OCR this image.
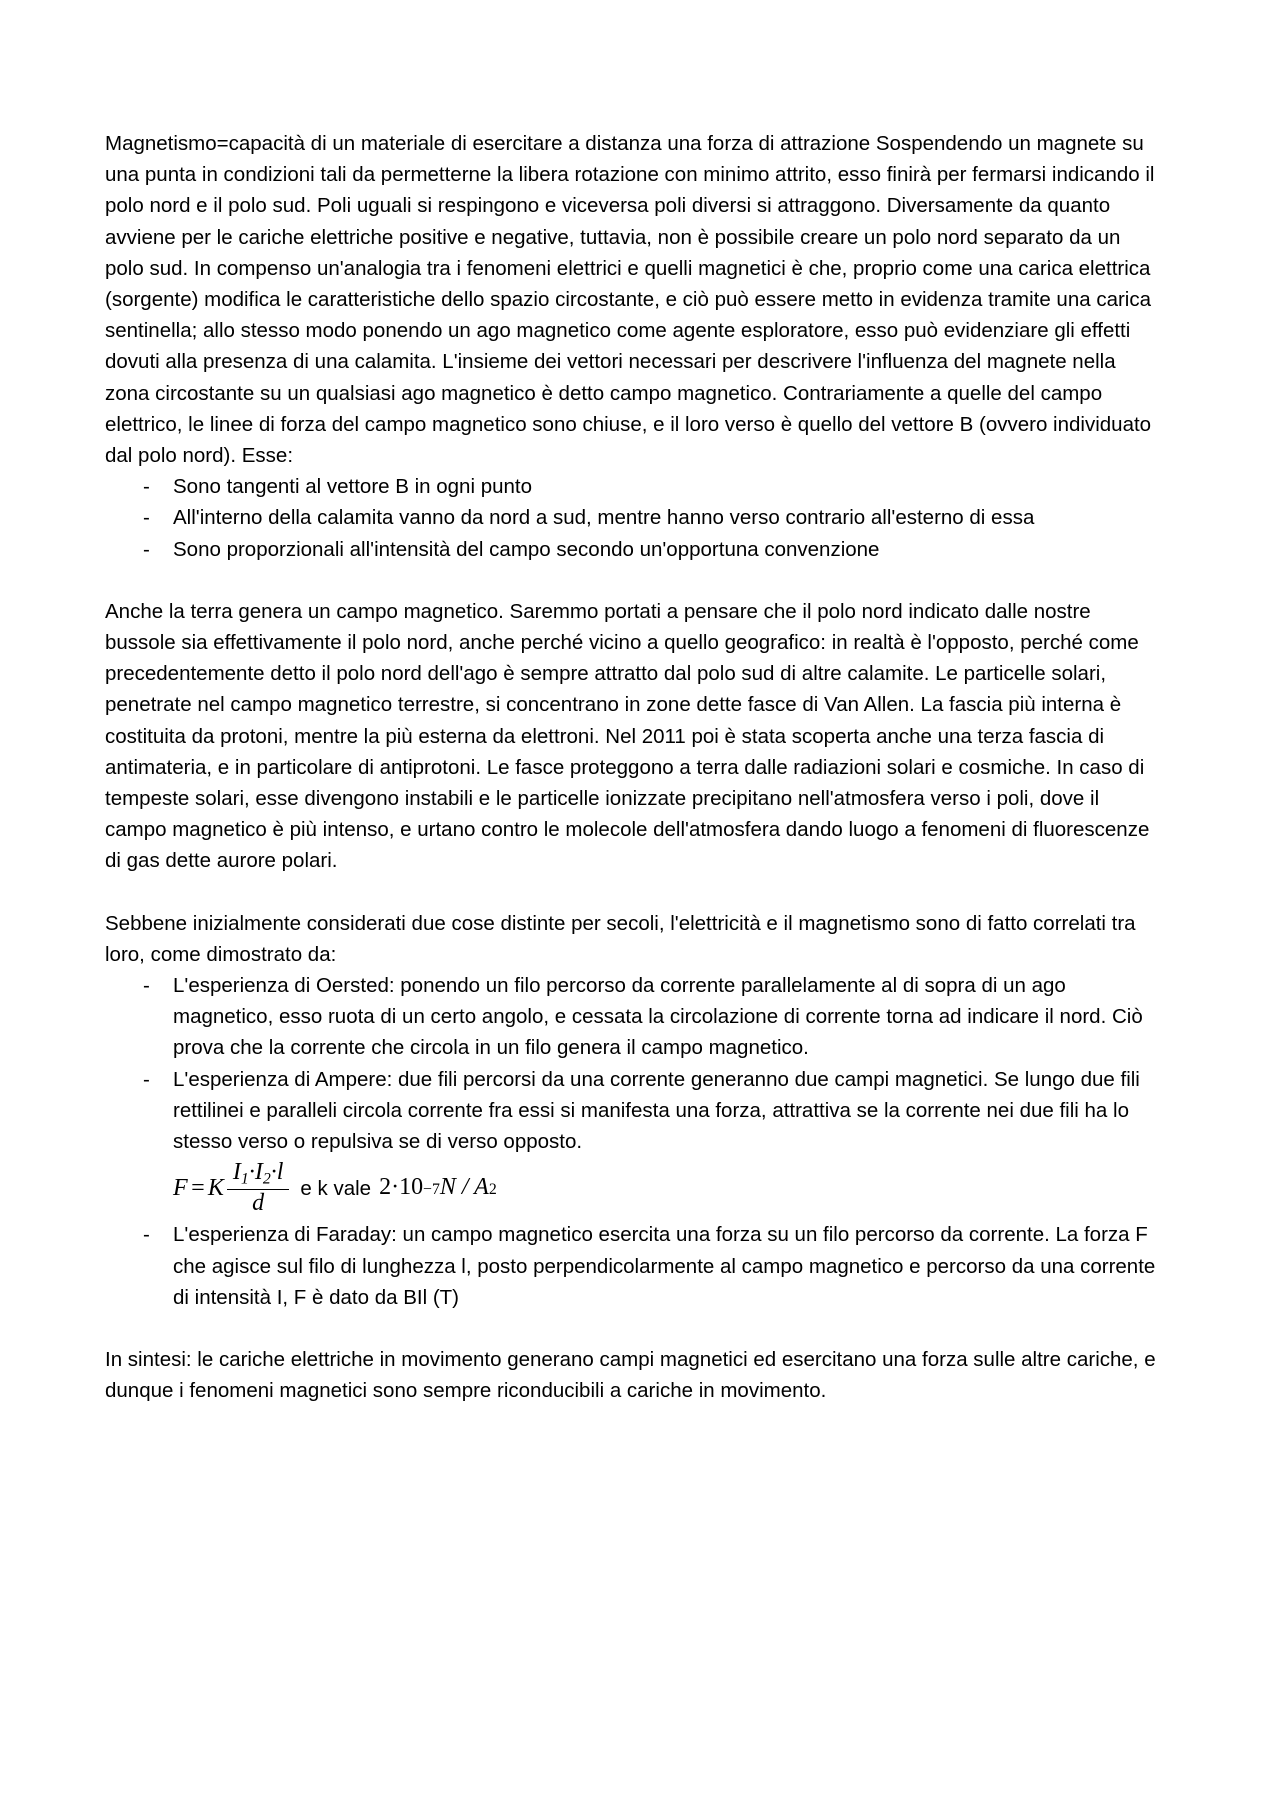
Magnetismo=capacità di un materiale di esercitare a distanza una forza di attrazione Sospendendo un magnete su una punta in condizioni tali da permetterne la libera rotazione con minimo attrito, esso finirà per fermarsi indicando il polo nord e il polo sud. Poli uguali si respingono e viceversa poli diversi si attraggono. Diversamente da quanto avviene per le cariche elettriche positive e negative, tuttavia, non è possibile creare un polo nord separato da un polo sud. In compenso un'analogia tra i fenomeni elettrici e quelli magnetici è che, proprio come una carica elettrica (sorgente) modifica le caratteristiche dello spazio circostante, e ciò può essere metto in evidenza tramite una carica sentinella; allo stesso modo ponendo un ago magnetico come agente esploratore, esso può evidenziare gli effetti dovuti alla presenza di una calamita. L'insieme dei vettori necessari per descrivere l'influenza del magnete nella zona circostante su un qualsiasi ago magnetico è detto campo magnetico. Contrariamente a quelle del campo elettrico, le linee di forza del campo magnetico sono chiuse, e il loro verso è quello del vettore B (ovvero individuato dal polo nord). Esse:

- Sono tangenti al vettore B in ogni punto
- All'interno della calamita vanno da nord a sud, mentre hanno verso contrario all'esterno di essa
- Sono proporzionali all'intensità del campo secondo un'opportuna convenzione

Anche la terra genera un campo magnetico. Saremmo portati a pensare che il polo nord indicato dalle nostre bussole sia effettivamente il polo nord, anche perché vicino a quello geografico: in realtà è l'opposto, perché come precedentemente detto il polo nord dell'ago è sempre attratto dal polo sud di altre calamite. Le particelle solari, penetrate nel campo magnetico terrestre, si concentrano in zone dette fasce di Van Allen. La fascia più interna è costituita da protoni, mentre la più esterna da elettroni. Nel 2011 poi è stata scoperta anche una terza fascia di antimateria, e in particolare di antiprotoni. Le fasce proteggono a terra dalle radiazioni solari e cosmiche. In caso di tempeste solari, esse divengono instabili e le particelle ionizzate precipitano nell'atmosfera verso i poli, dove il campo magnetico è più intenso, e urtano contro le molecole dell'atmosfera dando luogo a fenomeni di fluorescenze di gas dette aurore polari.

Sebbene inizialmente considerati due cose distinte per secoli, l'elettricità e il magnetismo sono di fatto correlati tra loro, come dimostrato da:

- L'esperienza di Oersted: ponendo un filo percorso da corrente parallelamente al di sopra di un ago magnetico, esso ruota di un certo angolo, e cessata la circolazione di corrente torna ad indicare il nord. Ciò prova che la corrente che circola in un filo genera il campo magnetico.
- L'esperienza di Ampere: due fili percorsi da una corrente generanno due campi magnetici. Se lungo due fili rettilinei e paralleli circola corrente fra essi si manifesta una forza, attrattiva se la corrente nei due fili ha lo stesso verso o repulsiva se di verso opposto.
F = K $\frac{I_1\cdot I_2\cdot l}{d}$ e k vale 2 · 10 −7 N / A 2
- L'esperienza di Faraday: un campo magnetico esercita una forza su un filo percorso da corrente. La forza F che agisce sul filo di lunghezza l, posto perpendicolarmente al campo magnetico e percorso da una corrente di intensità I, F è dato da BIl (T)

In sintesi: le cariche elettriche in movimento generano campi magnetici ed esercitano una forza sulle altre cariche, e dunque i fenomeni magnetici sono sempre riconducibili a cariche in movimento.
